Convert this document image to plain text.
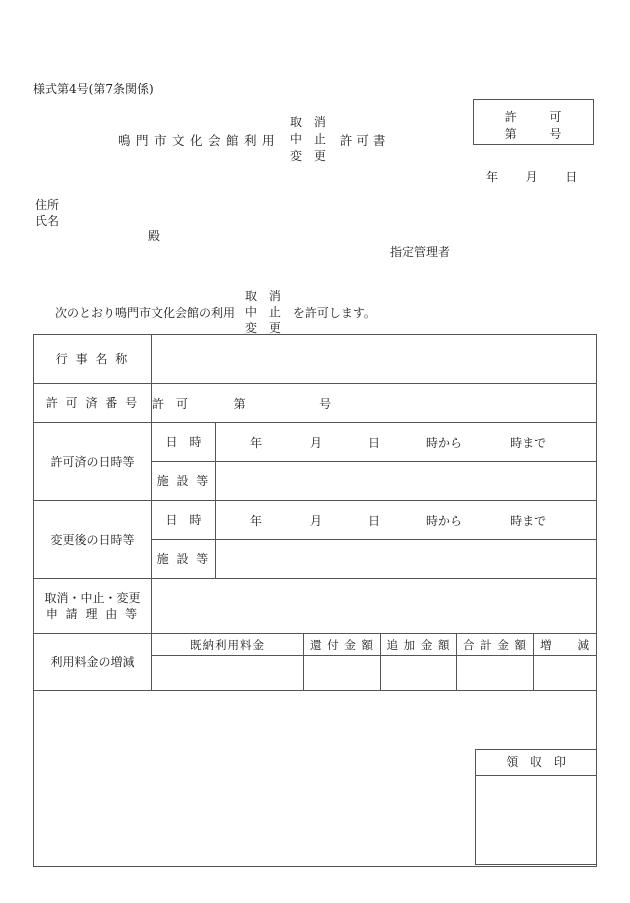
様式第4号(第7条関係)
鳴門市文化会館利用
取 消
中 止
変 更
許可書
許	可
第	号
年 月 日
住所
氏名
殿
指定管理者
次のとおり鳴門市文化会館の利用
取 消
中 止
変 更
を許可します。
行 事 名 称						
許 可 済 番 号	許　可 第 号					
許可済の日時等	日　時	年 月 日 時から 時まで				

	施 設 等					
変更後の日時等	日　時	年 月 日 時から 時まで				

	施 設 等					

取消・中止・変更
申 請 理 由 等						

利用料金の増減	既納利用料金		還 付 金 額	追 加 金 額	合 計 金 額	増　　減

領 収 印						
